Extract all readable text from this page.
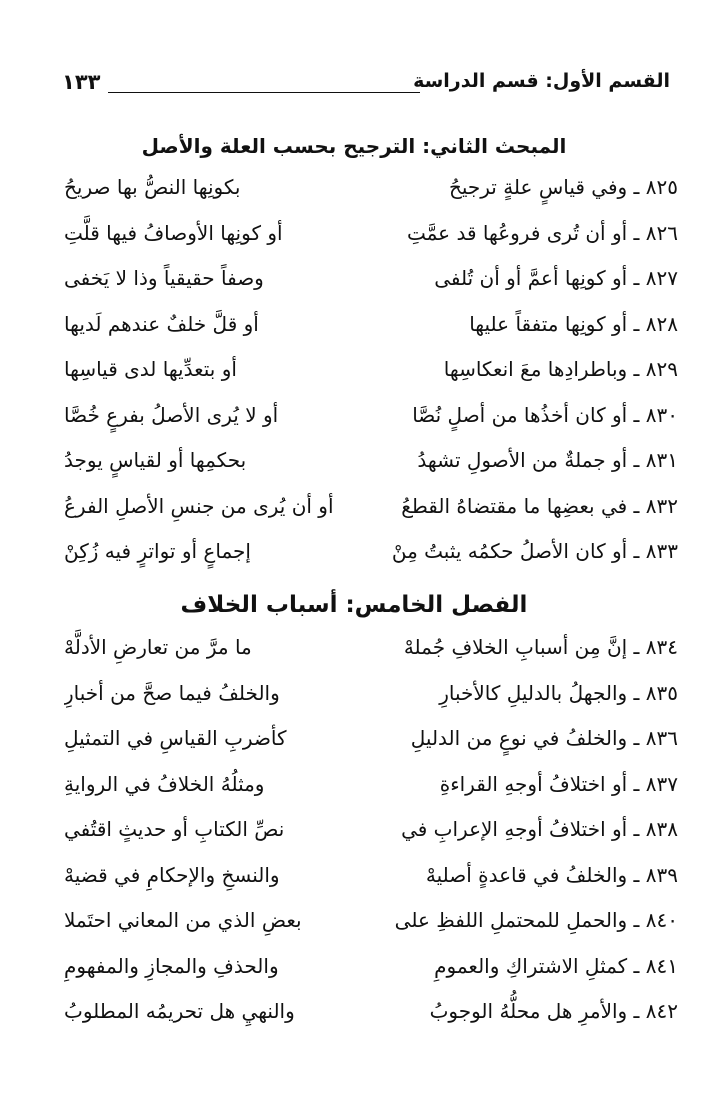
القسم الأول: قسم الدراسة
١٣٣
المبحث الثاني: الترجيح بحسب العلة والأصل
٨٢٥ ـ وفي قياسٍ علةٍ ترجيحُ
بكونِها النصُّ بها صريحُ
٨٢٦ ـ أو أن تُرى فروعُها قد عمَّتِ
أو كونِها الأوصافُ فيها قلَّتِ
٨٢٧ ـ أو كونِها أعمَّ أو أن تُلفى
وصفاً حقيقياً وذا لا يَخفى
٨٢٨ ـ أو كونِها متفقاً عليها
أو قلَّ خلفٌ عندهم لَديها
٨٢٩ ـ وباطرادِها معَ انعكاسِها
أو بتعدِّيها لدى قياسِها
٨٣٠ ـ أو كان أخذُها من أصلٍ نُصَّا
أو لا يُرى الأصلُ بفرعٍ خُصَّا
٨٣١ ـ أو جملةٌ من الأصولِ تشهدُ
بحكمِها أو لقياسٍ يوجدُ
٨٣٢ ـ في بعضِها ما مقتضاهُ القطعُ
أو أن يُرى من جنسِ الأصلِ الفرعُ
٨٣٣ ـ أو كان الأصلُ حكمُه يثبتُ مِنْ
إجماعٍ أو تواترٍ فيه زُكِنْ
الفصل الخامس: أسباب الخلاف
٨٣٤ ـ إنَّ مِن أسبابِ الخلافِ جُملهْ
ما مرَّ من تعارضِ الأدلَّهْ
٨٣٥ ـ والجهلُ بالدليلِ كالأخبارِ
والخلفُ فيما صحَّ من أخبارِ
٨٣٦ ـ والخلفُ في نوعٍ من الدليلِ
كأضربِ القياسِ في التمثيلِ
٨٣٧ ـ أو اختلافُ أوجهِ القراءةِ
ومثلُهُ الخلافُ في الروايةِ
٨٣٨ ـ أو اختلافُ أوجهِ الإعرابِ في
نصِّ الكتابِ أو حديثٍ اقتُفي
٨٣٩ ـ والخلفُ في قاعدةٍ أصليهْ
والنسخِ والإحكامِ في قضيهْ
٨٤٠ ـ والحملِ للمحتملِ اللفظِ على
بعضِ الذي من المعاني احتَملا
٨٤١ ـ كمثلِ الاشتراكِ والعمومِ
والحذفِ والمجازِ والمفهومِ
٨٤٢ ـ والأمرِ هل محلُّهُ الوجوبُ
والنهيِ هل تحريمُه المطلوبُ
